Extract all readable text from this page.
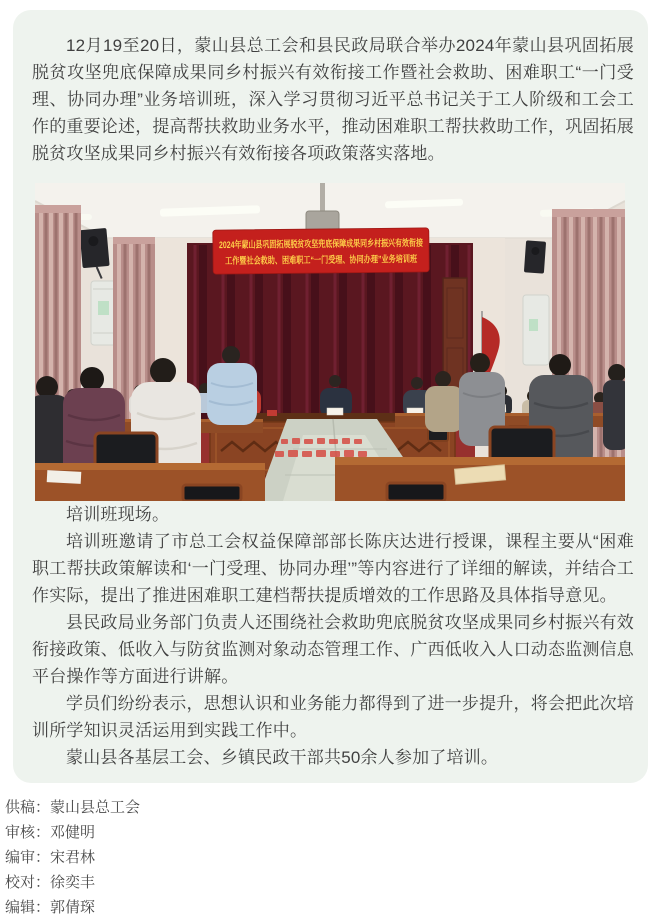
12月19至20日，蒙山县总工会和县民政局联合举办2024年蒙山县巩固拓展脱贫攻坚兜底保障成果同乡村振兴有效衔接工作暨社会救助、困难职工“一门受理、协同办理”业务培训班，深入学习贯彻习近平总书记关于工人阶级和工会工作的重要论述，提高帮扶救助业务水平，推动困难职工帮扶救助工作，巩固拓展脱贫攻坚成果同乡村振兴有效衔接各项政策落实落地。

2024年蒙山县巩固拓展脱贫攻坚兜底保障成果同乡村振兴有效衔接
工作暨社会救助、困难职工“一门受理、协同办理”业务培训班

培训班现场。

培训班邀请了市总工会权益保障部部长陈庆达进行授课，课程主要从“困难职工帮扶政策解读和‘一门受理、协同办理’”等内容进行了详细的解读，并结合工作实际，提出了推进困难职工建档帮扶提质增效的工作思路及具体指导意见。

县民政局业务部门负责人还围绕社会救助兜底脱贫攻坚成果同乡村振兴有效衔接政策、低收入与防贫监测对象动态管理工作、广西低收入人口动态监测信息平台操作等方面进行讲解。

学员们纷纷表示，思想认识和业务能力都得到了进一步提升，将会把此次培训所学知识灵活运用到实践工作中。

蒙山县各基层工会、乡镇民政干部共50余人参加了培训。

供稿：蒙山县总工会
审核：邓健明
编审：宋君林
校对：徐奕丰
编辑：郭倩琛
